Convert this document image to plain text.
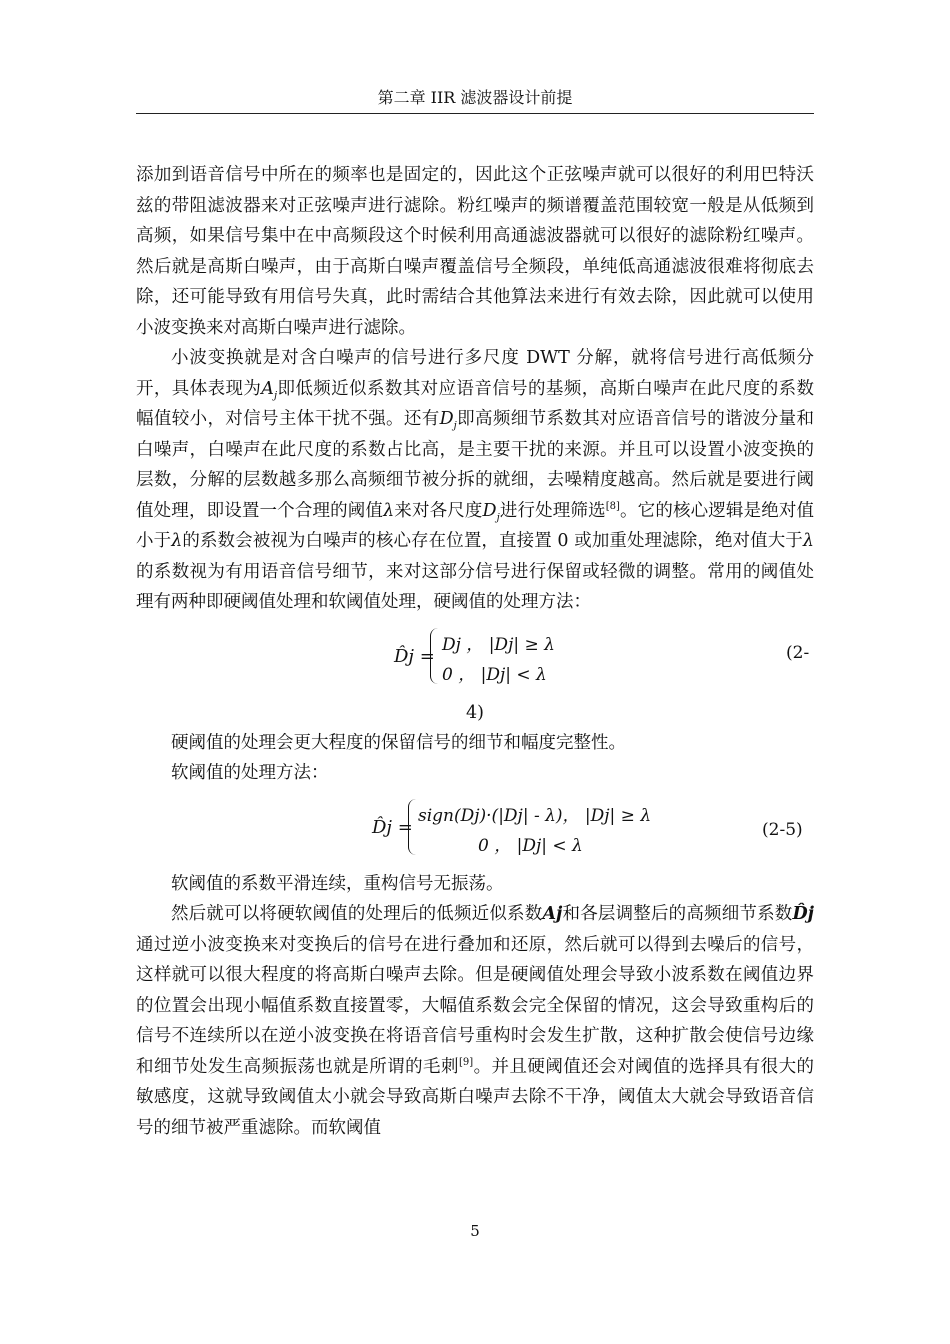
第二章 IIR 滤波器设计前提

添加到语音信号中所在的频率也是固定的，因此这个正弦噪声就可以很好的利用巴特沃兹的带阻滤波器来对正弦噪声进行滤除。粉红噪声的频谱覆盖范围较宽一般是从低频到高频，如果信号集中在中高频段这个时候利用高通滤波器就可以很好的滤除粉红噪声。然后就是高斯白噪声，由于高斯白噪声覆盖信号全频段，单纯低高通滤波很难将彻底去除，还可能导致有用信号失真，此时需结合其他算法来进行有效去除，因此就可以使用小波变换来对高斯白噪声进行滤除。

小波变换就是对含白噪声的信号进行多尺度 DWT 分解，就将信号进行高低频分开，具体表现为$A_j$即低频近似系数其对应语音信号的基频，高斯白噪声在此尺度的系数幅值较小，对信号主体干扰不强。还有$D_j$即高频细节系数其对应语音信号的谐波分量和白噪声，白噪声在此尺度的系数占比高，是主要干扰的来源。并且可以设置小波变换的层数，分解的层数越多那么高频细节被分拆的就细，去噪精度越高。然后就是要进行阈值处理，即设置一个合理的阈值λ来对各尺度$D_j$进行处理筛选[8]。它的核心逻辑是绝对值小于λ的系数会被视为白噪声的核心存在位置，直接置 0 或加重处理滤除，绝对值大于λ的系数视为有用语音信号细节，来对这部分信号进行保留或轻微的调整。常用的阈值处理有两种即硬阈值处理和软阈值处理，硬阈值的处理方法：

D̂j =
Dj ， |Dj| ≥ λ
0 ， |Dj| < λ
(2-
4)

硬阈值的处理会更大程度的保留信号的细节和幅度完整性。

软阈值的处理方法：

D̂j =
sign(Dj)·(|Dj| - λ)， |Dj| ≥ λ
0 ， |Dj| < λ
(2-5)

软阈值的系数平滑连续，重构信号无振荡。

然后就可以将硬软阈值的处理后的低频近似系数Aj和各层调整后的高频细节系数D̂j通过逆小波变换来对变换后的信号在进行叠加和还原，然后就可以得到去噪后的信号，这样就可以很大程度的将高斯白噪声去除。但是硬阈值处理会导致小波系数在阈值边界的位置会出现小幅值系数直接置零，大幅值系数会完全保留的情况，这会导致重构后的信号不连续所以在逆小波变换在将语音信号重构时会发生扩散，这种扩散会使信号边缘和细节处发生高频振荡也就是所谓的毛刺[9]。并且硬阈值还会对阈值的选择具有很大的敏感度，这就导致阈值太小就会导致高斯白噪声去除不干净，阈值太大就会导致语音信号的细节被严重滤除。而软阈值

5
